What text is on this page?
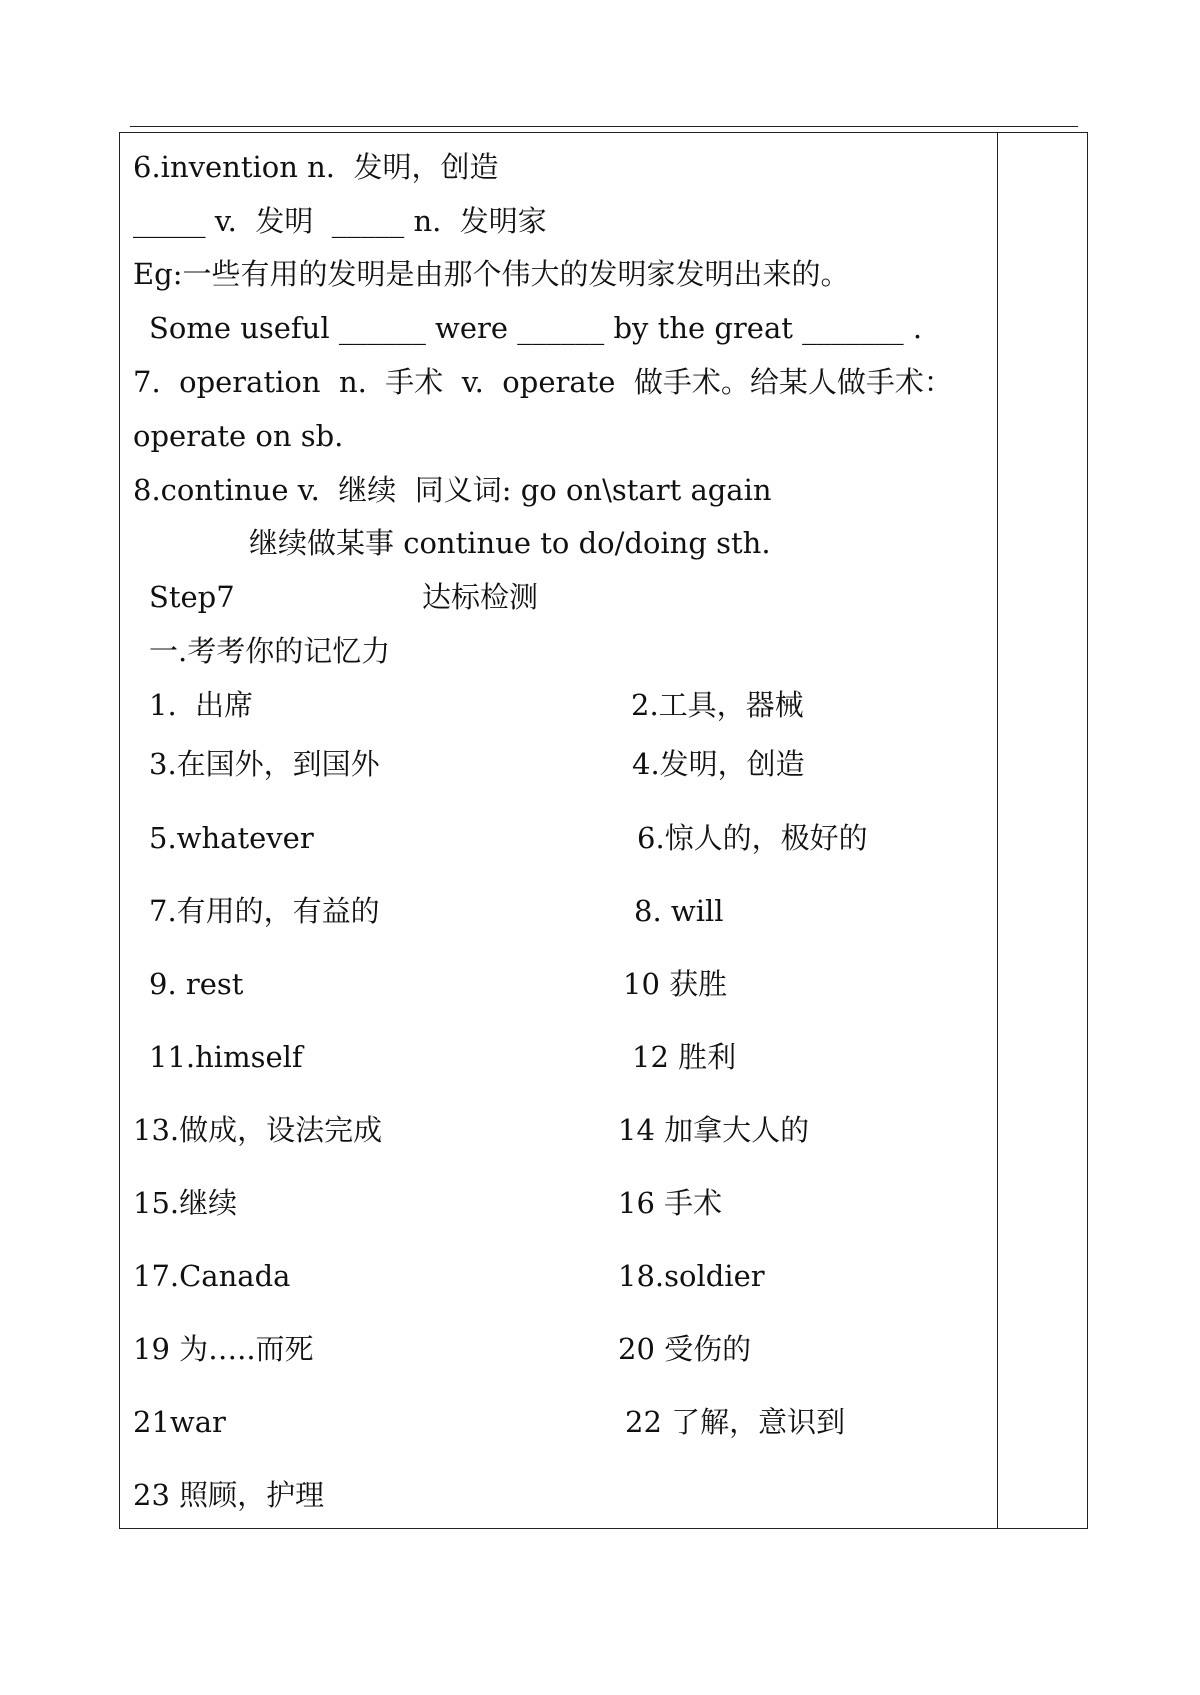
6.invention n.  发明，创造
_____ v.  发明  _____ n.  发明家
Eg:一些有用的发明是由那个伟大的发明家发明出来的。
Some useful ______ were ______ by the great _______ .
7.  operation  n.  手术  v.  operate  做手术。给某人做手术：
operate on sb.
8.continue v.  继续  同义词: go on\start again
继续做某事 continue to do/doing sth.
Step7	达标检测
一.考考你的记忆力
1.  出席	2.工具，器械
3.在国外，到国外	4.发明，创造
5.whatever	6.惊人的，极好的
7.有用的，有益的	8. will
9. rest	10 获胜
11.himself	12 胜利
13.做成，设法完成	14 加拿大人的
15.继续	16 手术
17.Canada	18.soldier
19 为…..而死	20 受伤的
21war	22 了解，意识到
23 照顾，护理
